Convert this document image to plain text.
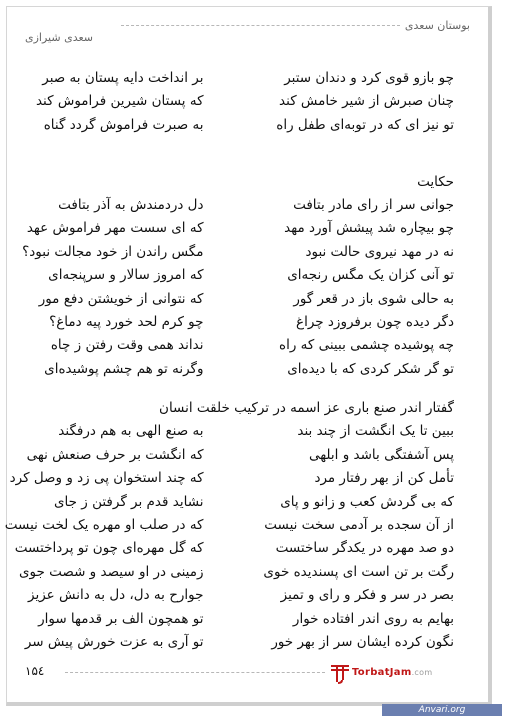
بوستان سعدی
سعدی شیرازی
چو بازو قوی کرد و دندان ستبر
بر انداخت دایه پستان به صبر
چنان صبرش از شیر خامش کند
که پستان شیرین فراموش کند
تو نیز ای که در توبه‌ای طفل راه
به صبرت فراموش گردد گناه
حکایت
جوانی سر از رای مادر بتافت
دل دردمندش به آذر بتافت
چو بیچاره شد پیشش آورد مهد
که ای سست مهر فراموش عهد
نه در مهد نیروی حالت نبود
مگس راندن از خود مجالت نبود؟
تو آنی کزان یک مگس رنجه‌ای
که امروز سالار و سرپنجه‌ای
به حالی شوی باز در قعر گور
که نتوانی از خویشتن دفع مور
دگر دیده چون برفروزد چراغ
چو کرم لحد خورد پیه دماغ؟
چه پوشیده چشمی ببینی که راه
نداند همی وقت رفتن ز چاه
تو گر شکر کردی که با دیده‌ای
وگرنه تو هم چشم پوشیده‌ای
گفتار اندر صنع باری عز اسمه در ترکیب خلقت انسان
ببین تا یک انگشت از چند بند
به صنع الهی به هم درفگند
پس آشفتگی باشد و ابلهی
که انگشت بر حرف صنعش نهی
تأمل کن از بهر رفتار مرد
که چند استخوان پی زد و وصل کرد
که بی گردش کعب و زانو و پای
نشاید قدم بر گرفتن ز جای
از آن سجده بر آدمی سخت نیست
که در صلب او مهره یک لخت نیست
دو صد مهره در یکدگر ساختست
که گل مهره‌ای چون تو پرداختست
رگت بر تن است ای پسندیده خوی
زمینی در او سیصد و شصت جوی
بصر در سر و فکر و رای و تمیز
جوارح به دل، دل به دانش عزیز
بهایم به روی اندر افتاده خوار
تو همچون الف بر قدمها سوار
نگون کرده ایشان سر از بهر خور
تو آری به عزت خورش پیش سر
۱۵٤	TorbatJam.com
Anvari.org
